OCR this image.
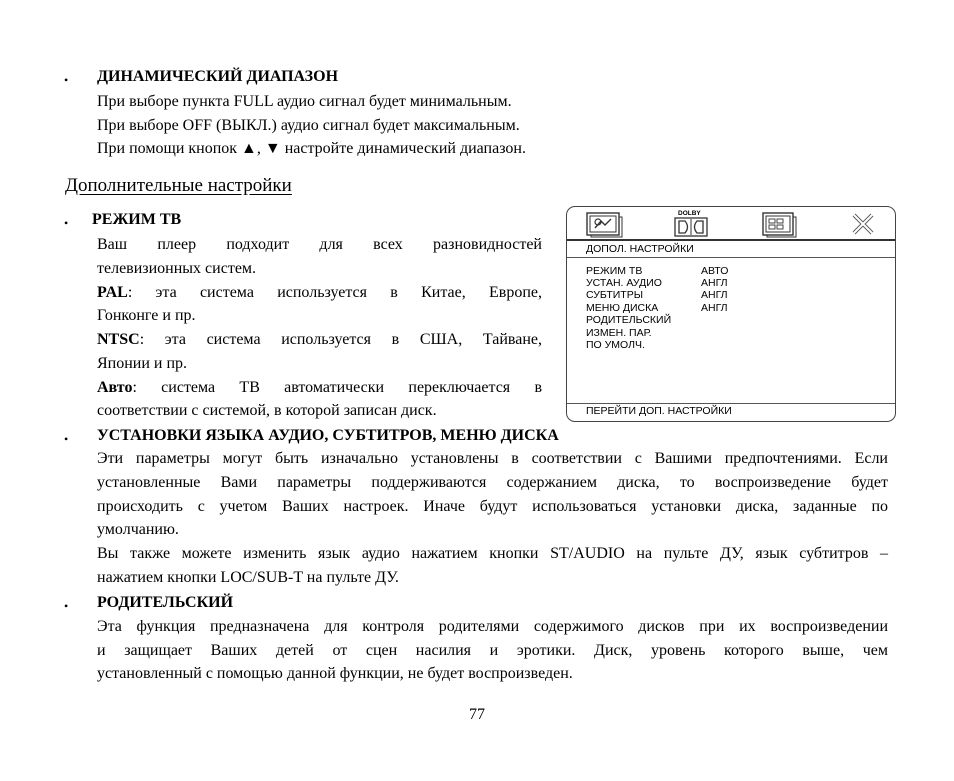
• ДИНАМИЧЕСКИЙ ДИАПАЗОН
При выборе пункта FULL аудио сигнал будет минимальным.
При выборе OFF (ВЫКЛ.) аудио сигнал будет максимальным.
При помощи кнопок ▲, ▼ настройте динамический диапазон.
Дополнительные настройки
• РЕЖИМ ТВ
Ваш плеер подходит для всех разновидностей
телевизионных систем.
PAL: эта система используется в Китае, Европе,
Гонконге и пр.
NTSC: эта система используется в США, Тайване,
Японии и пр.
Авто: система ТВ автоматически переключается в
соответствии с системой, в которой записан диск.
DOLBY
ДОПОЛ. НАСТРОЙКИ
РЕЖИМ ТВ	АВТО
УСТАН. АУДИО	АНГЛ
СУБТИТРЫ	АНГЛ
МЕНЮ ДИСКА	АНГЛ
РОДИТЕЛЬСКИЙ
ИЗМЕН. ПАР.
ПО УМОЛЧ.
ПЕРЕЙТИ ДОП. НАСТРОЙКИ
• УСТАНОВКИ ЯЗЫКА АУДИО, СУБТИТРОВ, МЕНЮ ДИСКА
Эти параметры могут быть изначально установлены в соответствии с Вашими предпочтениями. Если
установленные Вами параметры поддерживаются содержанием диска, то воспроизведение будет
происходить с учетом Ваших настроек. Иначе будут использоваться установки диска, заданные по
умолчанию.
Вы также можете изменить язык аудио нажатием кнопки ST/AUDIO на пульте ДУ, язык субтитров –
нажатием кнопки LOC/SUB-T на пульте ДУ.
• РОДИТЕЛЬСКИЙ
Эта функция предназначена для контроля родителями содержимого дисков при их воспроизведении
и защищает Ваших детей от сцен насилия и эротики. Диск, уровень которого выше, чем
установленный с помощью данной функции, не будет воспроизведен.
77
